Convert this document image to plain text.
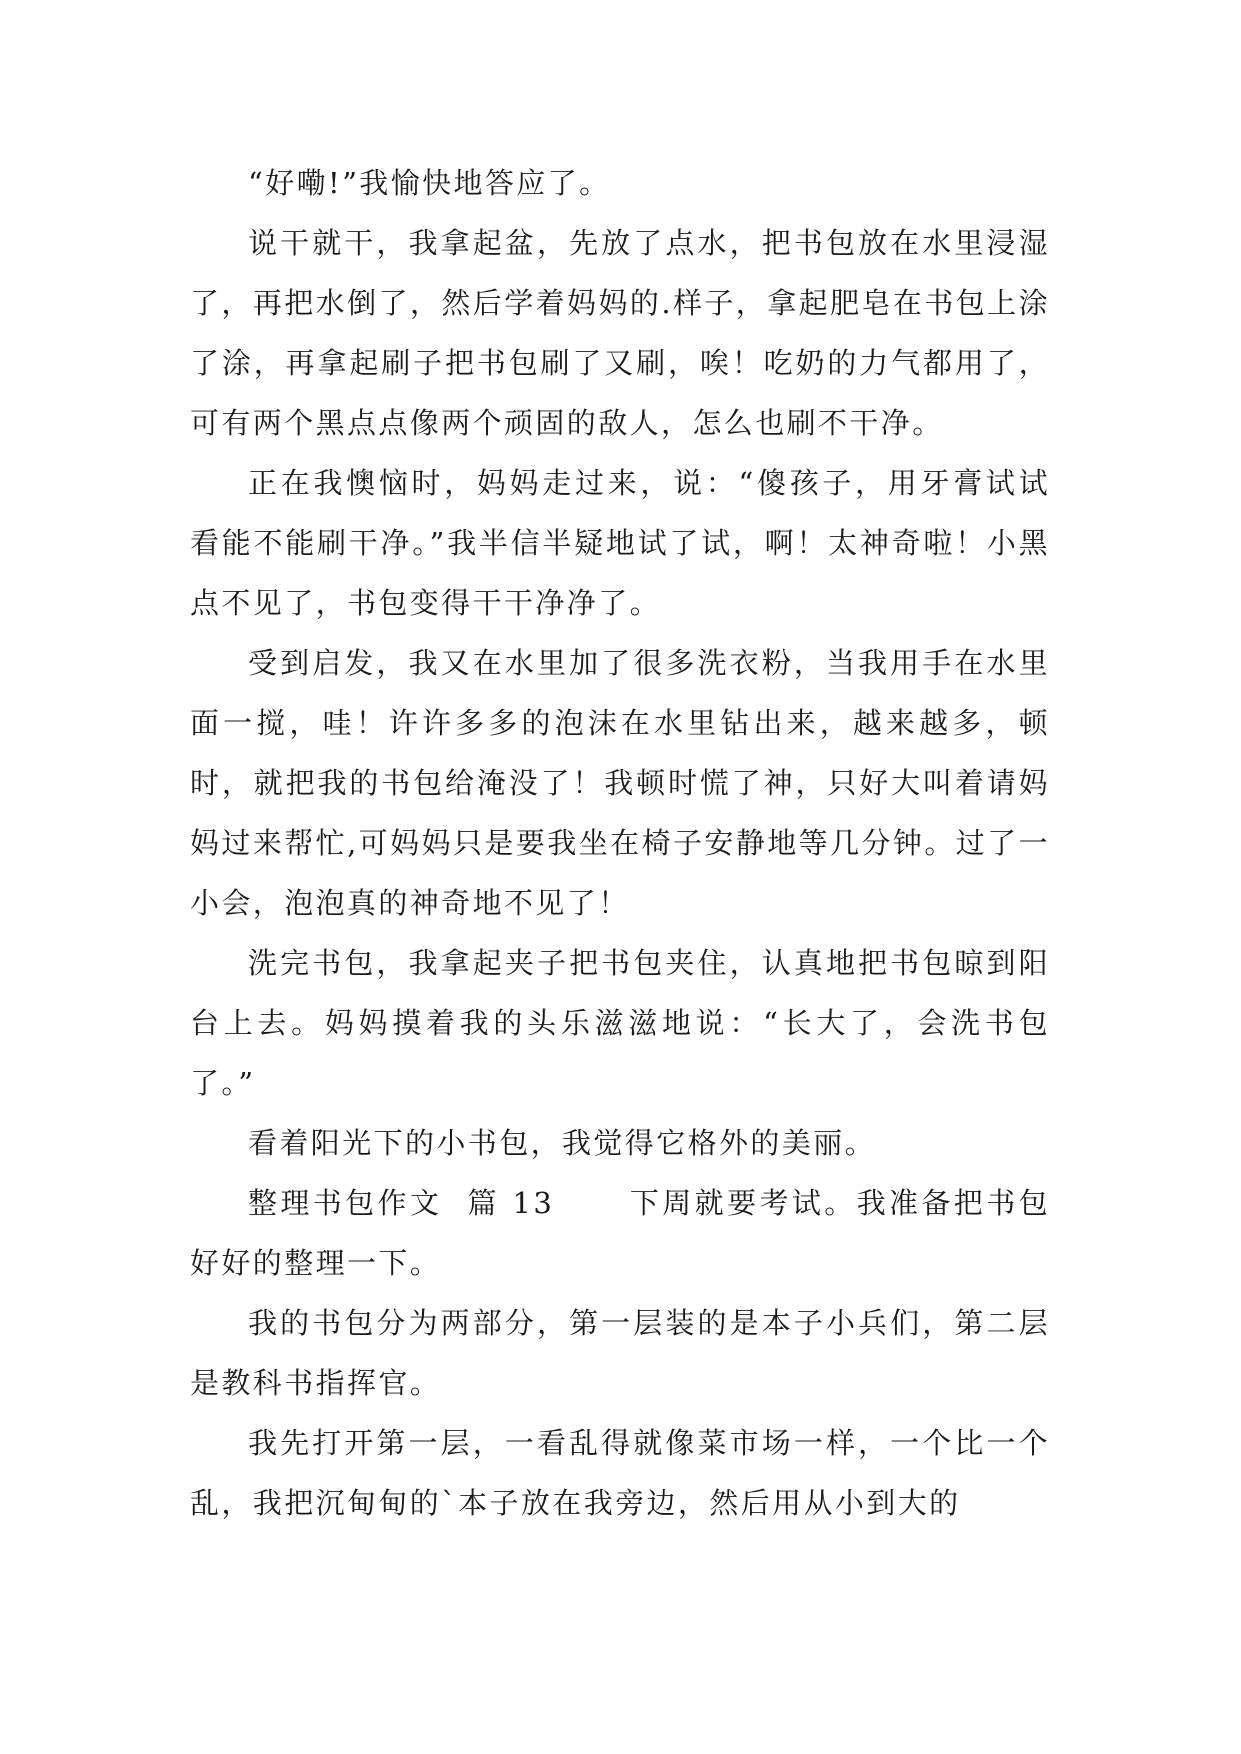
“好嘞!”我愉快地答应了。

说干就干，我拿起盆，先放了点水，把书包放在水里浸湿了，再把水倒了，然后学着妈妈的.样子，拿起肥皂在书包上涂了涂，再拿起刷子把书包刷了又刷，唉！吃奶的力气都用了，可有两个黑点点像两个顽固的敌人，怎么也刷不干净。

正在我懊恼时，妈妈走过来，说：“傻孩子，用牙膏试试看能不能刷干净。”我半信半疑地试了试，啊！太神奇啦！小黑点不见了，书包变得干干净净了。

受到启发，我又在水里加了很多洗衣粉，当我用手在水里面一搅，哇！许许多多的泡沫在水里钻出来，越来越多，顿时，就把我的书包给淹没了！我顿时慌了神，只好大叫着请妈妈过来帮忙,可妈妈只是要我坐在椅子安静地等几分钟。过了一小会，泡泡真的神奇地不见了！

洗完书包，我拿起夹子把书包夹住，认真地把书包晾到阳台上去。妈妈摸着我的头乐滋滋地说：“长大了，会洗书包了。”

看着阳光下的小书包，我觉得它格外的美丽。

整理书包作文  篇 13      下周就要考试。我准备把书包好好的整理一下。

我的书包分为两部分，第一层装的是本子小兵们，第二层是教科书指挥官。

我先打开第一层，一看乱得就像菜市场一样，一个比一个乱，我把沉甸甸的`本子放在我旁边，然后用从小到大的
